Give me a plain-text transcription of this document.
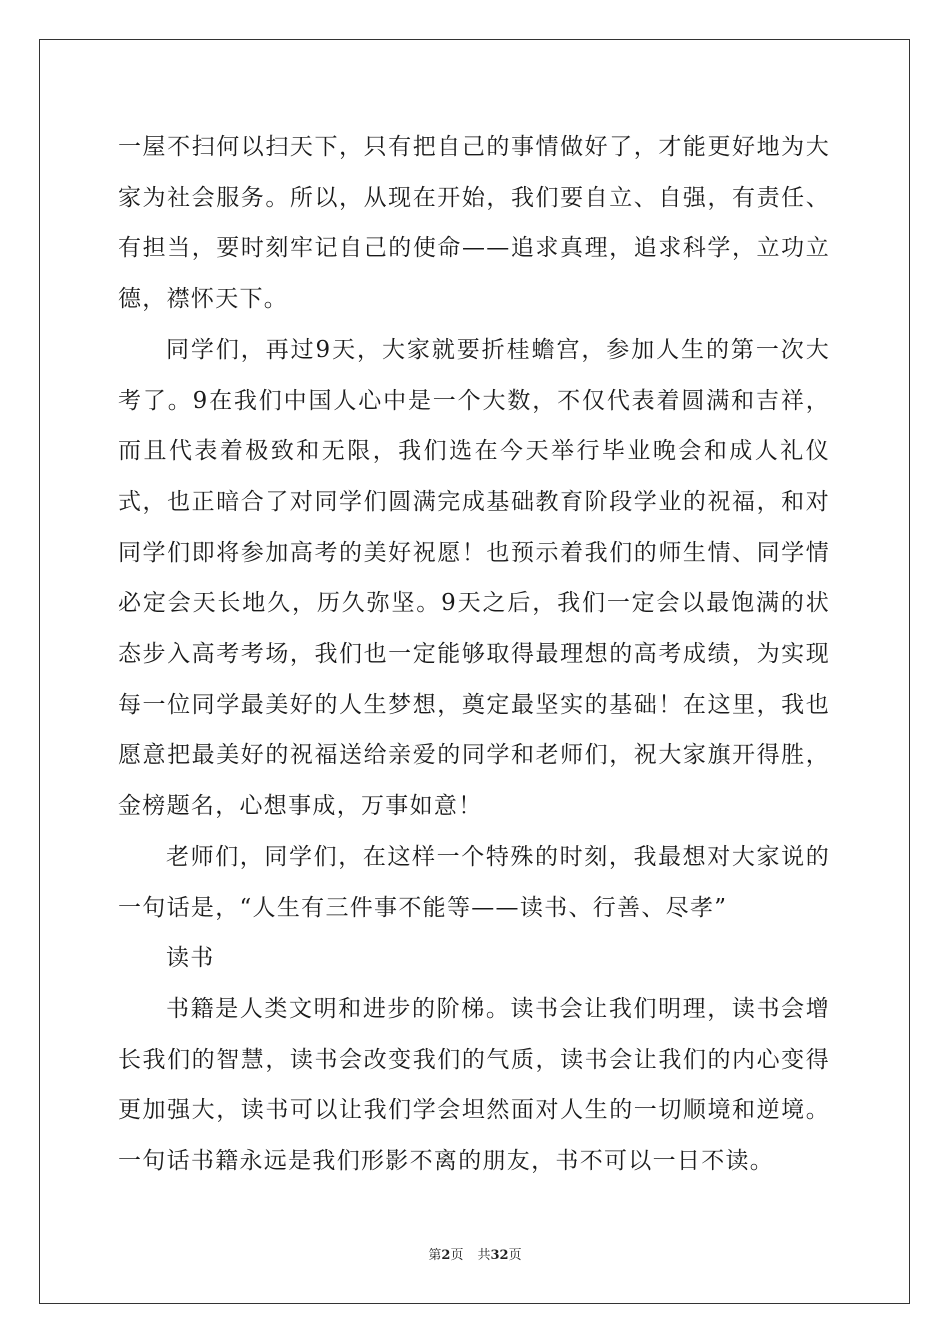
一屋不扫何以扫天下，只有把自己的事情做好了，才能更好地为大家为社会服务。所以，从现在开始，我们要自立、自强，有责任、有担当，要时刻牢记自己的使命——追求真理，追求科学，立功立德，襟怀天下。

同学们，再过9天，大家就要折桂蟾宫，参加人生的第一次大考了。9在我们中国人心中是一个大数，不仅代表着圆满和吉祥，而且代表着极致和无限，我们选在今天举行毕业晚会和成人礼仪式，也正暗合了对同学们圆满完成基础教育阶段学业的祝福，和对同学们即将参加高考的美好祝愿！也预示着我们的师生情、同学情必定会天长地久，历久弥坚。9天之后，我们一定会以最饱满的状态步入高考考场，我们也一定能够取得最理想的高考成绩，为实现每一位同学最美好的人生梦想，奠定最坚实的基础！在这里，我也愿意把最美好的祝福送给亲爱的同学和老师们，祝大家旗开得胜，金榜题名，心想事成，万事如意！

老师们，同学们，在这样一个特殊的时刻，我最想对大家说的一句话是，“人生有三件事不能等——读书、行善、尽孝”

读书

书籍是人类文明和进步的阶梯。读书会让我们明理，读书会增长我们的智慧，读书会改变我们的气质，读书会让我们的内心变得更加强大，读书可以让我们学会坦然面对人生的一切顺境和逆境。一句话书籍永远是我们形影不离的朋友，书不可以一日不读。

第2页 共32页
